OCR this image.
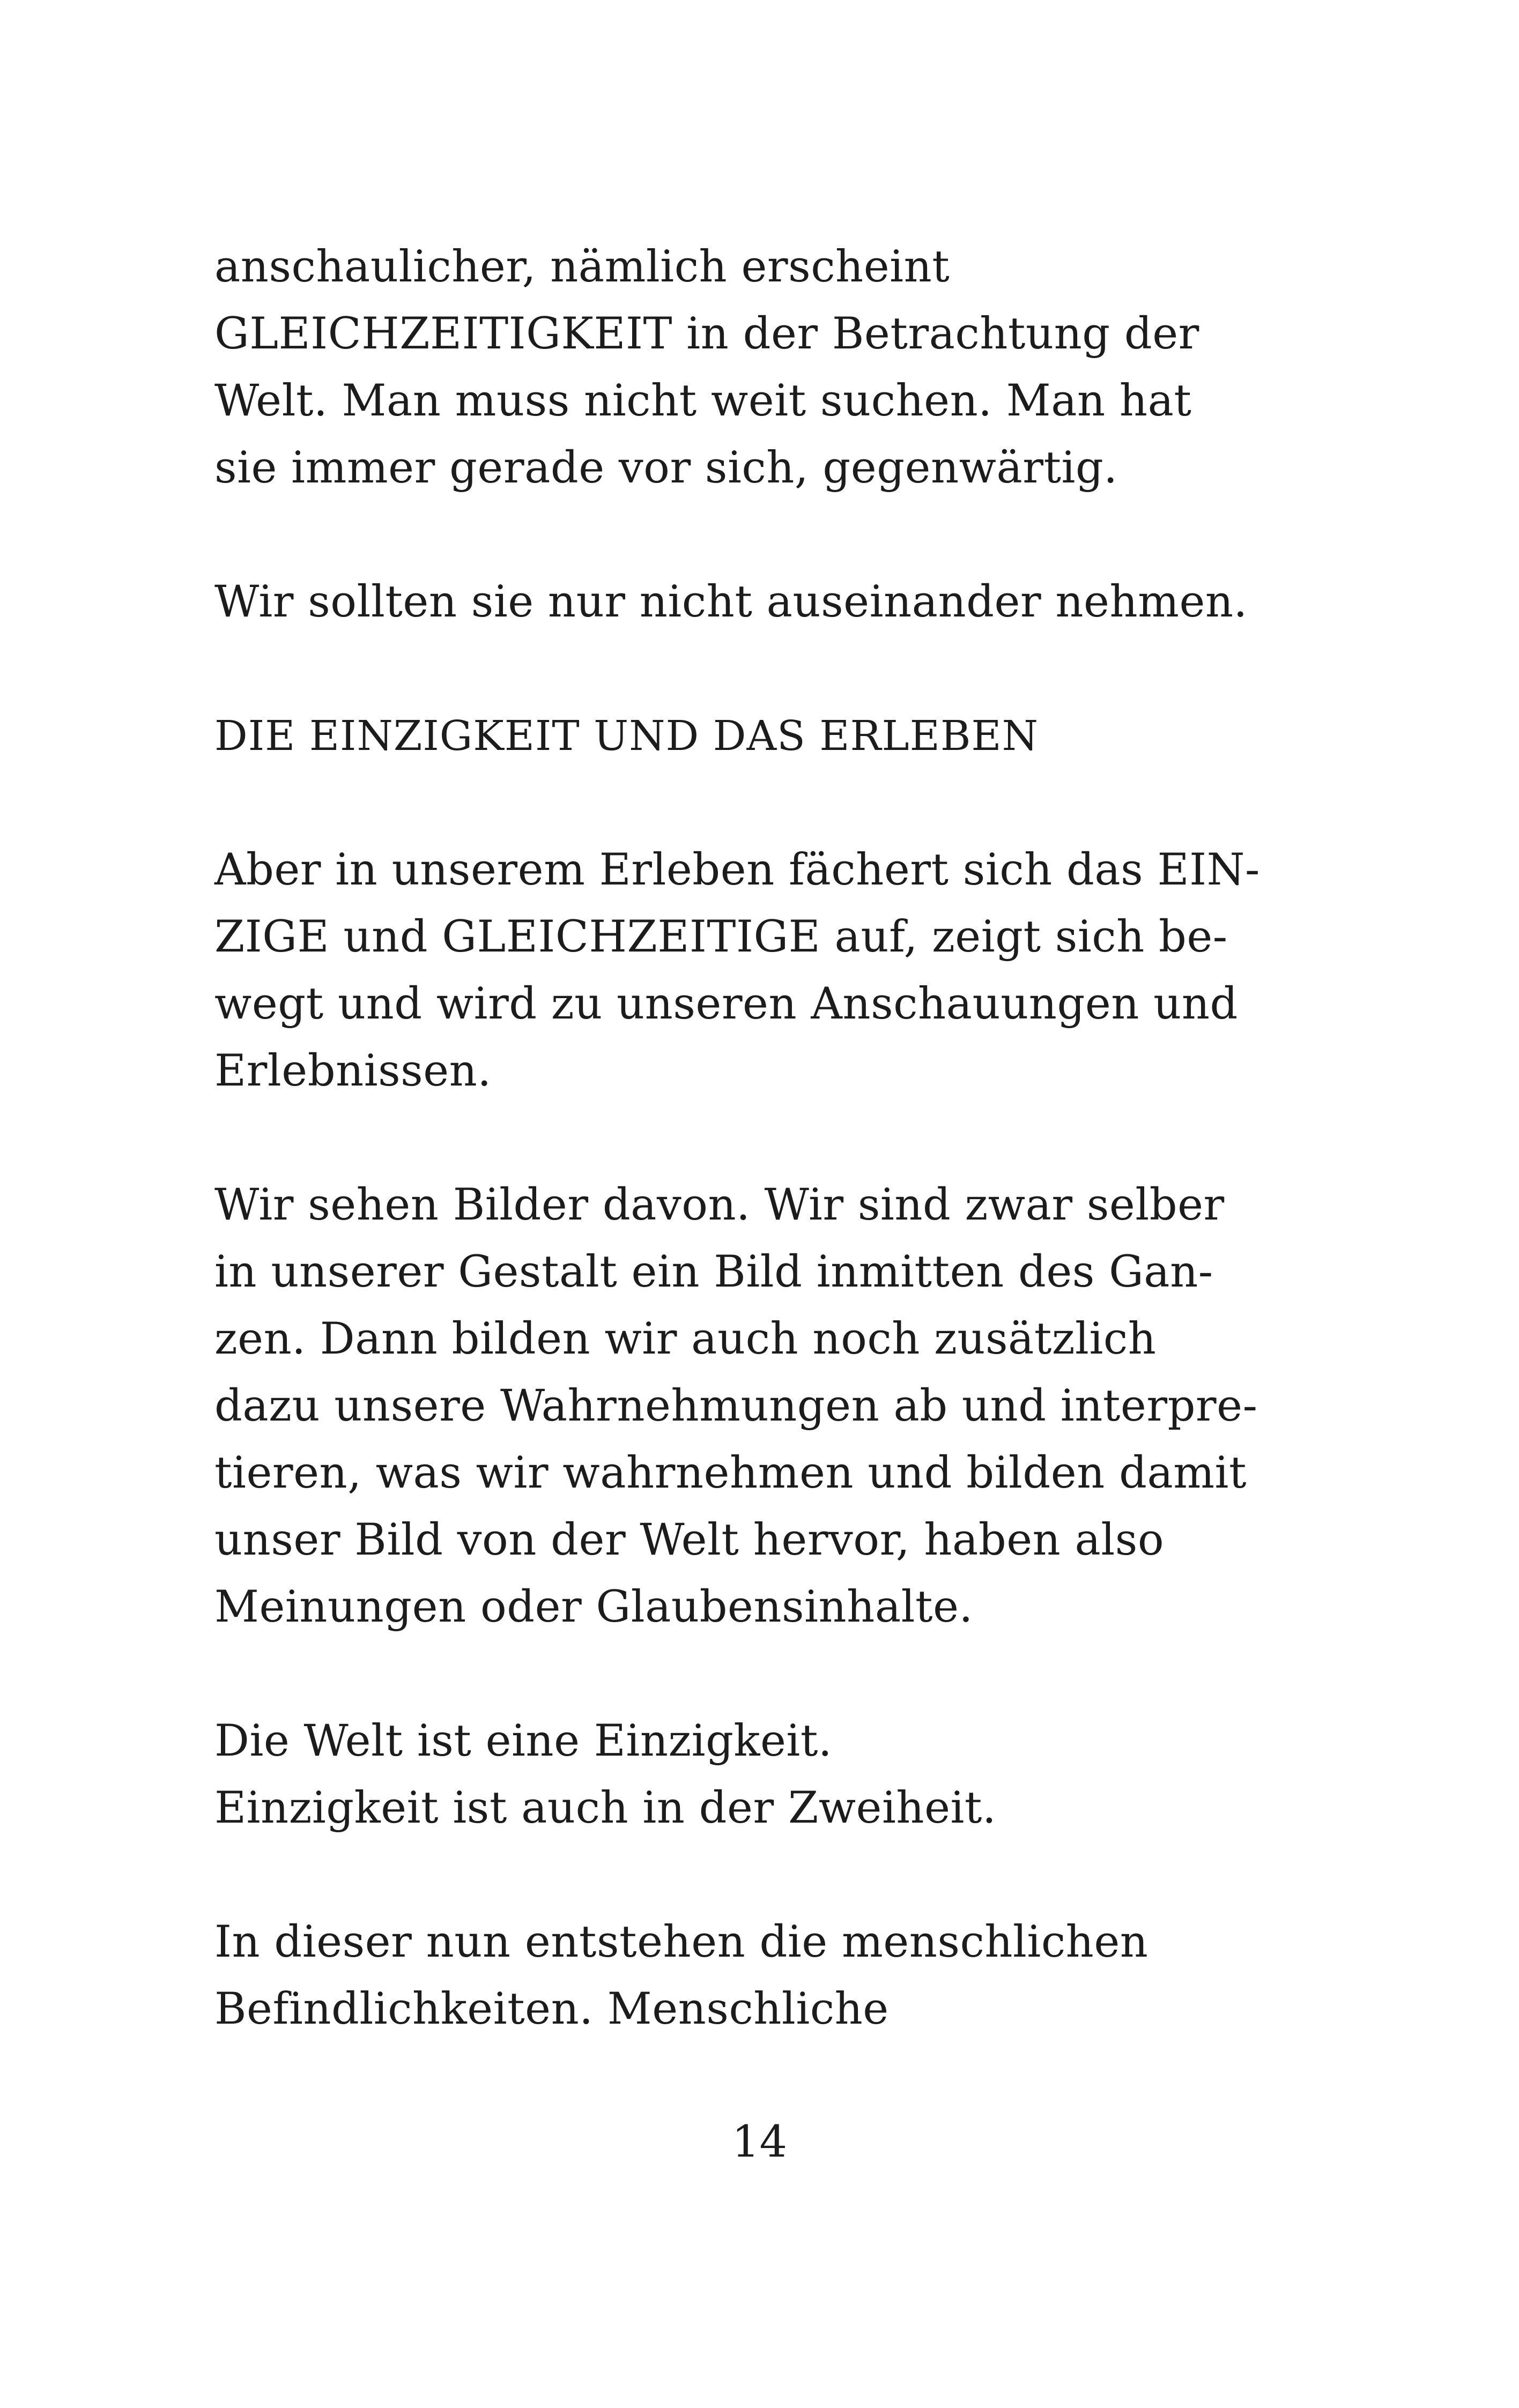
anschaulicher, nämlich erscheint
GLEICHZEITIGKEIT in der Betrachtung der
Welt. Man muss nicht weit suchen. Man hat
sie immer gerade vor sich, gegenwärtig.
Wir sollten sie nur nicht auseinander nehmen.
DIE EINZIGKEIT UND DAS ERLEBEN
Aber in unserem Erleben fächert sich das EIN-
ZIGE und GLEICHZEITIGE auf, zeigt sich be-
wegt und wird zu unseren Anschauungen und
Erlebnissen.
Wir sehen Bilder davon. Wir sind zwar selber
in unserer Gestalt ein Bild inmitten des Gan-
zen. Dann bilden wir auch noch zusätzlich
dazu unsere Wahrnehmungen ab und interpre-
tieren, was wir wahrnehmen und bilden damit
unser Bild von der Welt hervor, haben also
Meinungen oder Glaubensinhalte.
Die Welt ist eine Einzigkeit.
Einzigkeit ist auch in der Zweiheit.
In dieser nun entstehen die menschlichen
Befindlichkeiten. Menschliche
14
